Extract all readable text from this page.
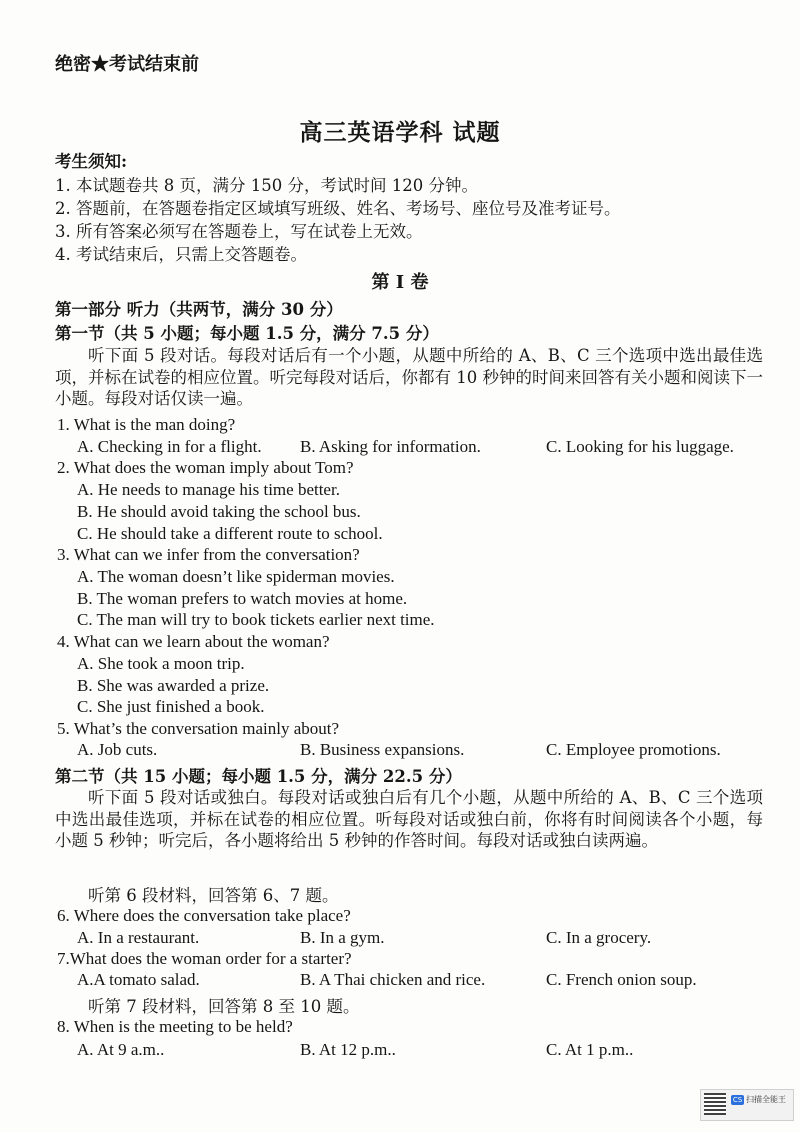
绝密★考试结束前
高三英语学科 试题
考生须知:
1. 本试题卷共 8 页，满分 150 分，考试时间 120 分钟。
2. 答题前，在答题卷指定区域填写班级、姓名、考场号、座位号及准考证号。
3. 所有答案必须写在答题卷上，写在试卷上无效。
4. 考试结束后，只需上交答题卷。
第 I 卷
第一部分 听力（共两节，满分 30 分）
第一节（共 5 小题；每小题 1.5 分，满分 7.5 分）
听下面 5 段对话。每段对话后有一个小题，从题中所给的 A、B、C 三个选项中选出最佳选项，并标在试卷的相应位置。听完每段对话后，你都有 10 秒钟的时间来回答有关小题和阅读下一小题。每段对话仅读一遍。
1. What is the man doing?
A. Checking in for a flight. B. Asking for information.	C. Looking for his luggage.
2. What does the woman imply about Tom?
A. He needs to manage his time better.
B. He should avoid taking the school bus.
C. He should take a different route to school.
3. What can we infer from the conversation?
A. The woman doesn’t like spiderman movies.
B. The woman prefers to watch movies at home.
C. The man will try to book tickets earlier next time.
4. What can we learn about the woman?
A. She took a moon trip.
B. She was awarded a prize.
C. She just finished a book.
5. What’s the conversation mainly about?
A. Job cuts.	B. Business expansions.	C. Employee promotions.
第二节（共 15 小题；每小题 1.5 分，满分 22.5 分）
听下面 5 段对话或独白。每段对话或独白后有几个小题，从题中所给的 A、B、C 三个选项中选出最佳选项，并标在试卷的相应位置。听每段对话或独白前，你将有时间阅读各个小题，每小题 5 秒钟；听完后，各小题将给出 5 秒钟的作答时间。每段对话或独白读两遍。
听第 6 段材料，回答第 6、7 题。
6. Where does the conversation take place?
A. In a restaurant.	B. In a gym.	C. In a grocery.
7.What does the woman order for a starter?
A.A tomato salad.	B. A Thai chicken and rice.	C. French onion soup.
听第 7 段材料，回答第 8 至 10 题。
8. When is the meeting to be held?
A. At 9 a.m..	B. At 12 p.m..	C. At 1 p.m..
CS 扫描全能王
